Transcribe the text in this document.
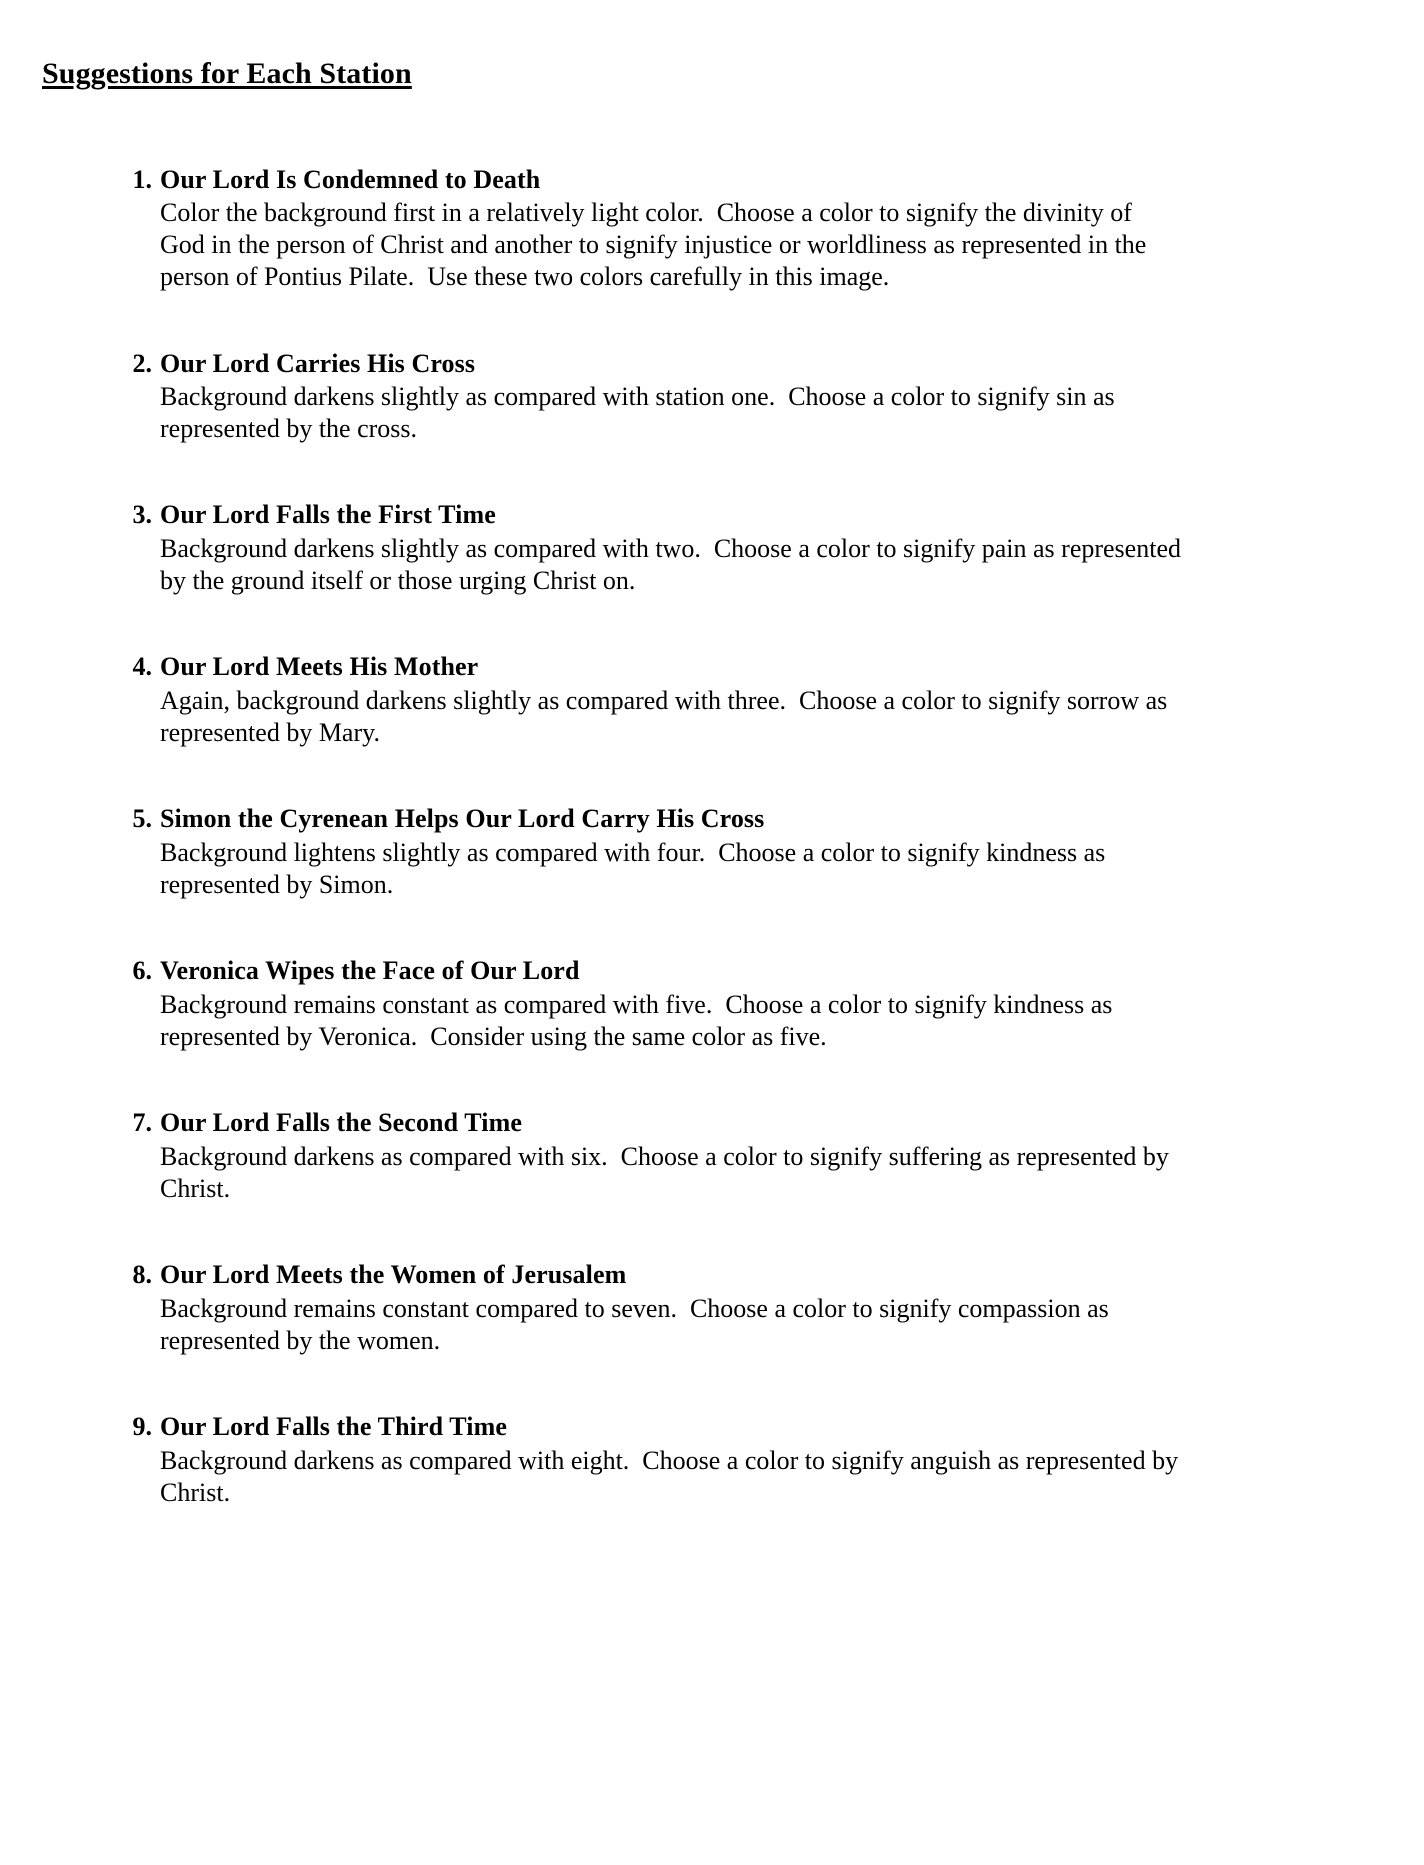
Suggestions for Each Station
1. Our Lord Is Condemned to Death

Color the background first in a relatively light color.  Choose a color to signify the divinity of God in the person of Christ and another to signify injustice or worldliness as represented in the person of Pontius Pilate.  Use these two colors carefully in this image.

2. Our Lord Carries His Cross

Background darkens slightly as compared with station one.  Choose a color to signify sin as represented by the cross.

3. Our Lord Falls the First Time

Background darkens slightly as compared with two.  Choose a color to signify pain as represented by the ground itself or those urging Christ on.

4. Our Lord Meets His Mother

Again, background darkens slightly as compared with three.  Choose a color to signify sorrow as represented by Mary.

5. Simon the Cyrenean Helps Our Lord Carry His Cross

Background lightens slightly as compared with four.  Choose a color to signify kindness as represented by Simon.

6. Veronica Wipes the Face of Our Lord

Background remains constant as compared with five.  Choose a color to signify kindness as represented by Veronica.  Consider using the same color as five.

7. Our Lord Falls the Second Time

Background darkens as compared with six.  Choose a color to signify suffering as represented by Christ.

8. Our Lord Meets the Women of Jerusalem

Background remains constant compared to seven.  Choose a color to signify compassion as represented by the women.

9. Our Lord Falls the Third Time

Background darkens as compared with eight.  Choose a color to signify anguish as represented by Christ.
